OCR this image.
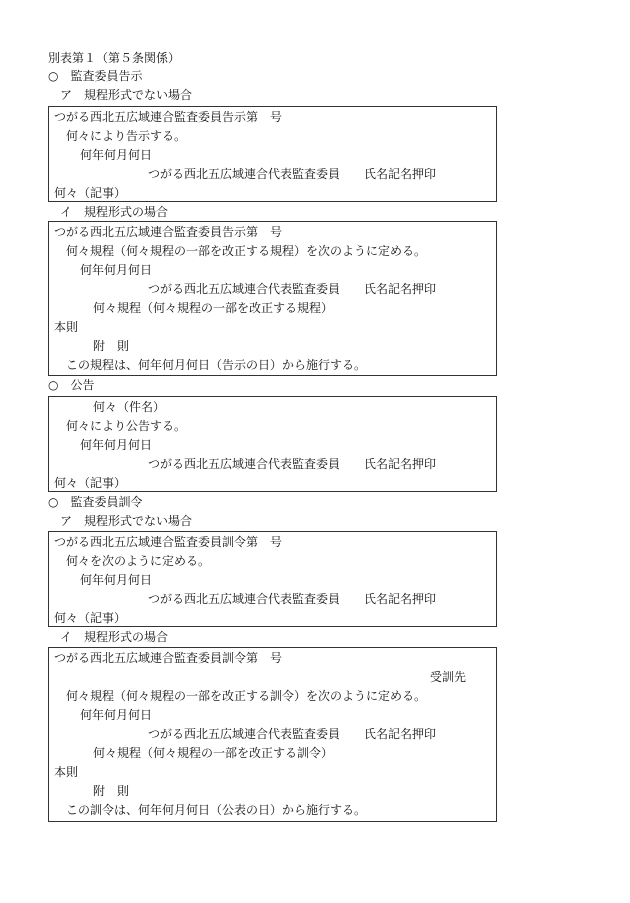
別表第１（第５条関係）
○　監査委員告示
ア　規程形式でない場合
つがる西北五広域連合監査委員告示第　号
何々により告示する。
何年何月何日
つがる西北五広域連合代表監査委員　　氏名記名押印
何々（記事）
イ　規程形式の場合
つがる西北五広域連合監査委員告示第　号
何々規程（何々規程の一部を改正する規程）を次のように定める。
何年何月何日
つがる西北五広域連合代表監査委員　　氏名記名押印
何々規程（何々規程の一部を改正する規程）
本則
附　則
この規程は、何年何月何日（告示の日）から施行する。
○　公告
何々（件名）
何々により公告する。
何年何月何日
つがる西北五広域連合代表監査委員　　氏名記名押印
何々（記事）
○　監査委員訓令
ア　規程形式でない場合
つがる西北五広域連合監査委員訓令第　号
何々を次のように定める。
何年何月何日
つがる西北五広域連合代表監査委員　　氏名記名押印
何々（記事）
イ　規程形式の場合
つがる西北五広域連合監査委員訓令第　号
受訓先
何々規程（何々規程の一部を改正する訓令）を次のように定める。
何年何月何日
つがる西北五広域連合代表監査委員　　氏名記名押印
何々規程（何々規程の一部を改正する訓令）
本則
附　則
この訓令は、何年何月何日（公表の日）から施行する。
